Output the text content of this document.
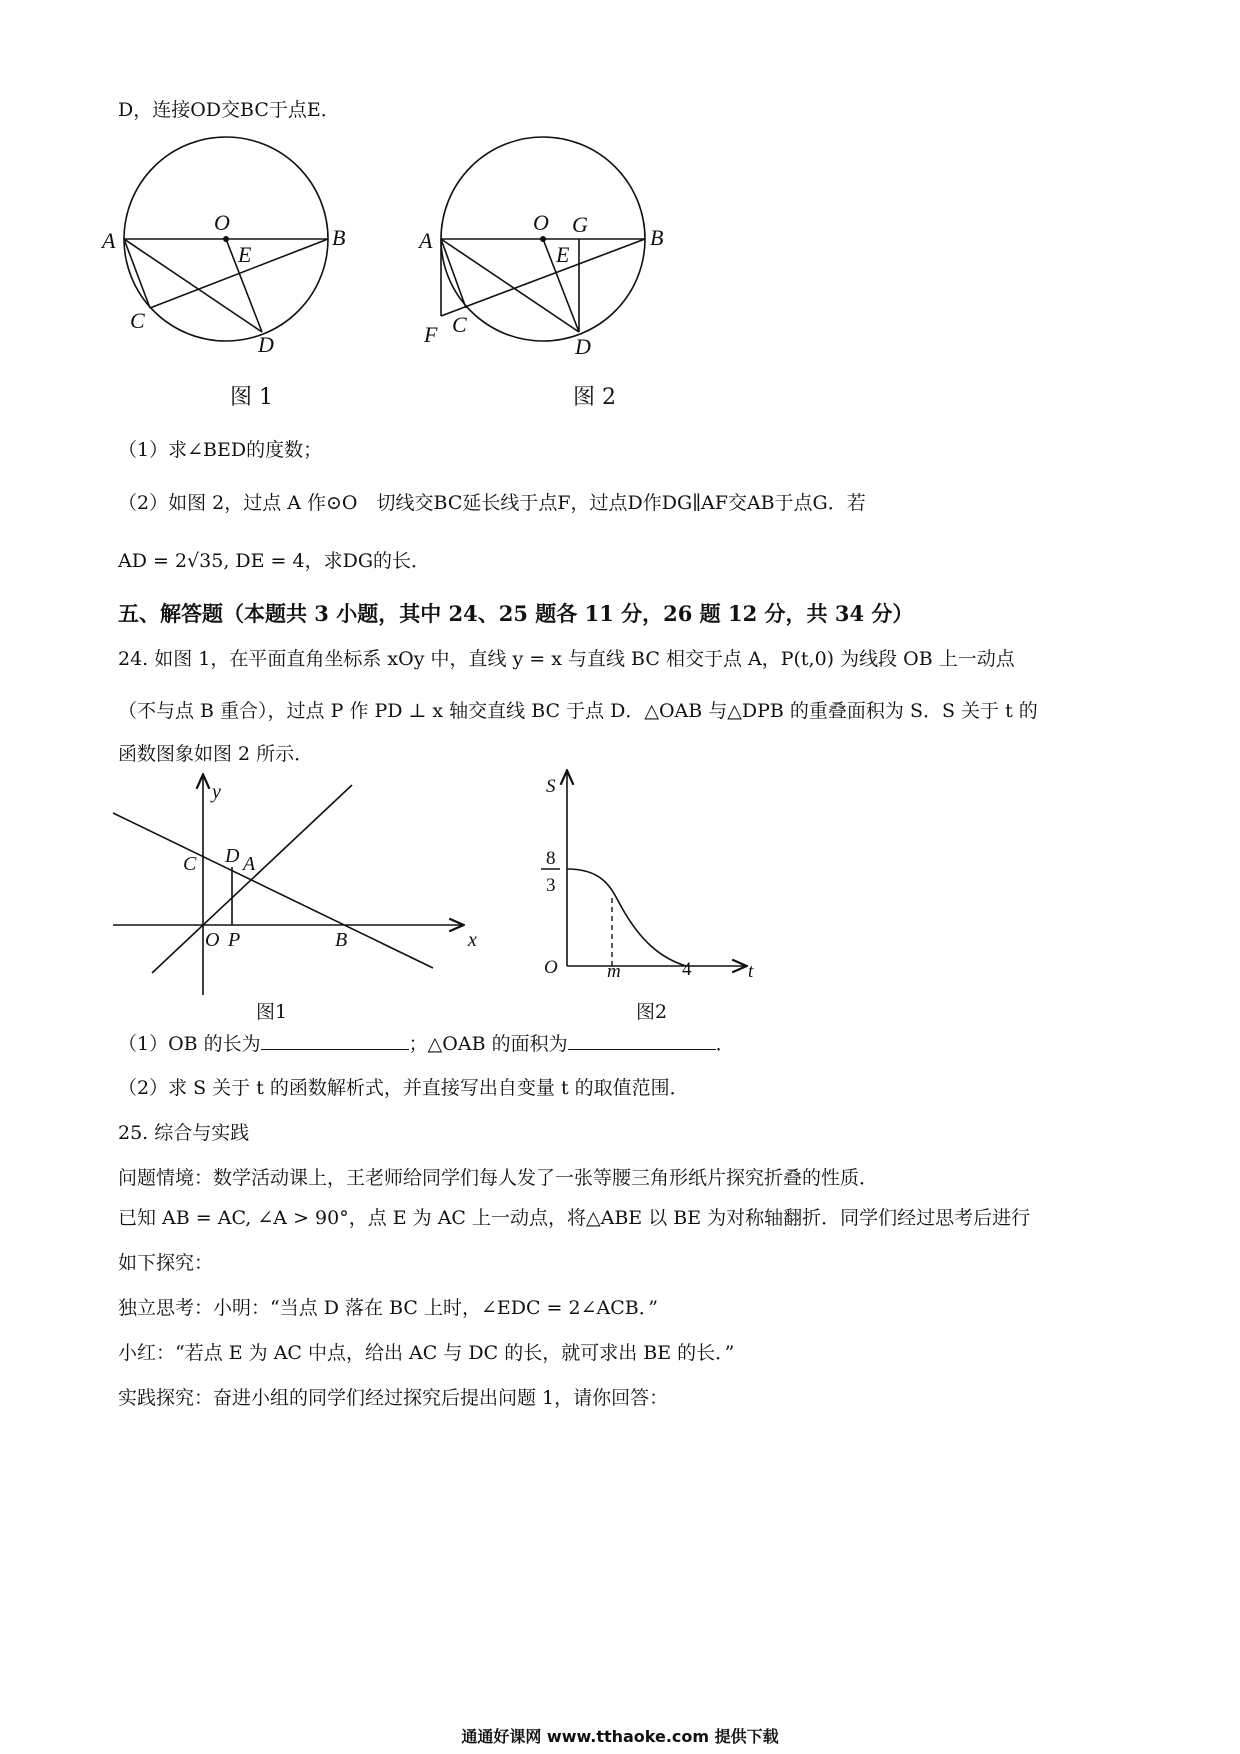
D，连接OD交BC于点E．
A	B
O
E
C
D
A	B
O G
E
F C
D
图 1	图 2
（1）求∠BED的度数；
（2）如图 2，过点 A 作⊙O　切线交BC延长线于点F，过点D作DG∥AF交AB于点G．若
AD = 2√35, DE = 4，求DG的长．
五、解答题（本题共 3 小题，其中 24、25 题各 11 分，26 题 12 分，共 34 分）
24. 如图 1，在平面直角坐标系 xOy 中，直线 y = x 与直线 BC 相交于点 A，P(t,0) 为线段 OB 上一动点
（不与点 B 重合），过点 P 作 PD ⊥ x 轴交直线 BC 于点 D．△OAB 与△DPB 的重叠面积为 S．S 关于 t 的
函数图象如图 2 所示．
y
x
C D A
O P	B
S
8
3
O	m	4	t
图1	图2
（1）OB 的长为	；△OAB 的面积为	．
（2）求 S 关于 t 的函数解析式，并直接写出自变量 t 的取值范围．
25. 综合与实践
问题情境：数学活动课上，王老师给同学们每人发了一张等腰三角形纸片探究折叠的性质．
已知 AB = AC, ∠A > 90°，点 E 为 AC 上一动点，将△ABE 以 BE 为对称轴翻折．同学们经过思考后进行
如下探究：
独立思考：小明：“当点 D 落在 BC 上时，∠EDC = 2∠ACB．”
小红：“若点 E 为 AC 中点，给出 AC 与 DC 的长，就可求出 BE 的长．”
实践探究：奋进小组的同学们经过探究后提出问题 1，请你回答：
通通好课网 www.tthaoke.com 提供下载
